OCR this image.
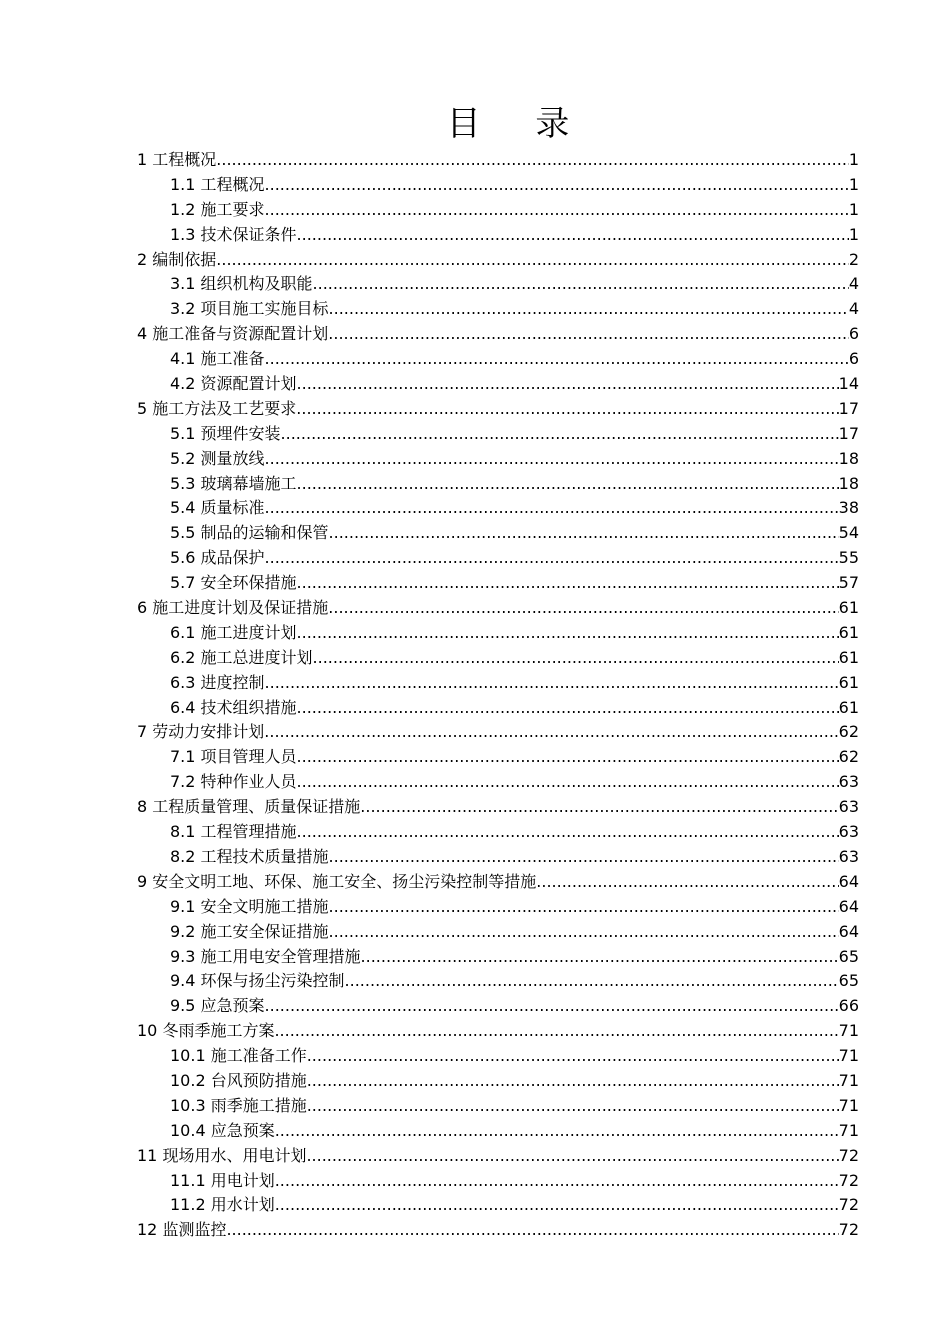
目 录
1 工程概况 .....	1
1.1 工程概况 .....	1
1.2 施工要求 .....	1
1.3 技术保证条件 .....	1
2 编制依据 .....	2
3.1 组织机构及职能 .....	4
3.2 项目施工实施目标 .....	4
4 施工准备与资源配置计划 .....	6
4.1 施工准备 .....	6
4.2 资源配置计划 .....	14
5 施工方法及工艺要求 .....	17
5.1 预埋件安装 .....	17
5.2 测量放线 .....	18
5.3 玻璃幕墙施工 .....	18
5.4 质量标准 .....	38
5.5 制品的运输和保管 .....	54
5.6 成品保护 .....	55
5.7 安全环保措施 .....	57
6 施工进度计划及保证措施 .....	61
6.1 施工进度计划 .....	61
6.2 施工总进度计划 .....	61
6.3 进度控制 .....	61
6.4 技术组织措施 .....	61
7 劳动力安排计划 .....	62
7.1 项目管理人员 .....	62
7.2 特种作业人员 .....	63
8 工程质量管理、质量保证措施 .....	63
8.1 工程管理措施 .....	63
8.2 工程技术质量措施 .....	63
9 安全文明工地、环保、施工安全、扬尘污染控制等措施 .....	64
9.1 安全文明施工措施 .....	64
9.2 施工安全保证措施 .....	64
9.3 施工用电安全管理措施 .....	65
9.4 环保与扬尘污染控制 .....	65
9.5 应急预案 .....	66
10 冬雨季施工方案 .....	71
10.1 施工准备工作 .....	71
10.2 台风预防措施 .....	71
10.3 雨季施工措施 .....	71
10.4 应急预案 .....	71
11 现场用水、用电计划 .....	72
11.1 用电计划 .....	72
11.2 用水计划 .....	72
12 监测监控 .....	72
